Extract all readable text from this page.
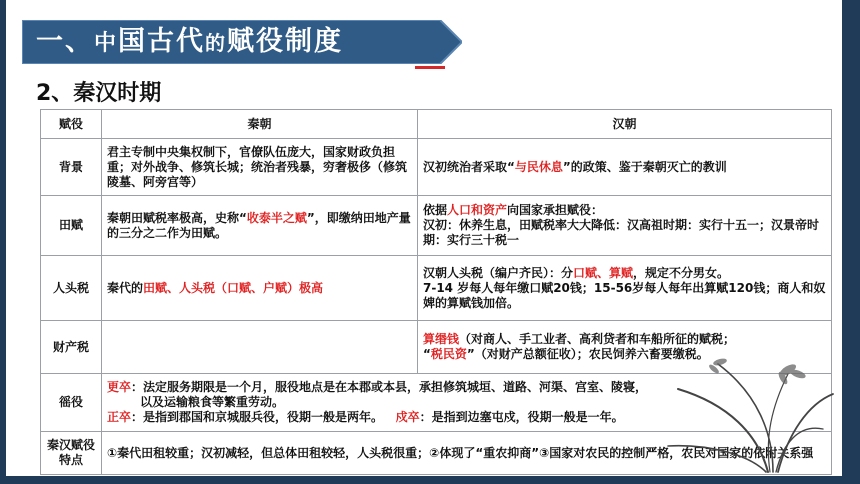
一、中国古代的赋役制度
2、秦汉时期
赋役	秦朝	汉朝
背景	君主专制中央集权制下，官僚队伍庞大，国家财政负担重；对外战争、修筑长城；统治者残暴，穷奢极侈（修筑陵墓、阿旁宫等）	汉初统治者采取“与民休息”的政策、鉴于秦朝灭亡的教训
田赋	秦朝田赋税率极高，史称“收泰半之赋”，即缴纳田地产量的三分之二作为田赋。	依据人口和资产向国家承担赋役：
汉初：休养生息，田赋税率大大降低：汉高祖时期：实行十五一；汉景帝时期：实行三十税一
人头税	秦代的田赋、人头税（口赋、户赋）极高	汉朝人头税（编户齐民）：分口赋、算赋，规定不分男女。
7-14 岁每人每年缴口赋20钱；15-56岁每人每年出算赋120钱；商人和奴婢的算赋钱加倍。
财产税		算缗钱（对商人、手工业者、高利贷者和车船所征的赋税；
“税民资”（对财产总额征收）；农民饲养六畜要缴税。
徭役	更卒：法定服务期限是一个月，服役地点是在本郡或本县，承担修筑城垣、道路、河渠、宫室、陵寝，
以及运输粮食等繁重劳动。
正卒：是指到郡国和京城服兵役，役期一般是两年。 戍卒：是指到边塞屯戍，役期一般是一年。	
秦汉赋役特点	①秦代田租较重；汉初减轻，但总体田租较轻，人头税很重；②体现了“重农抑商”③国家对农民的控制严格，农民对国家的依附关系强	
